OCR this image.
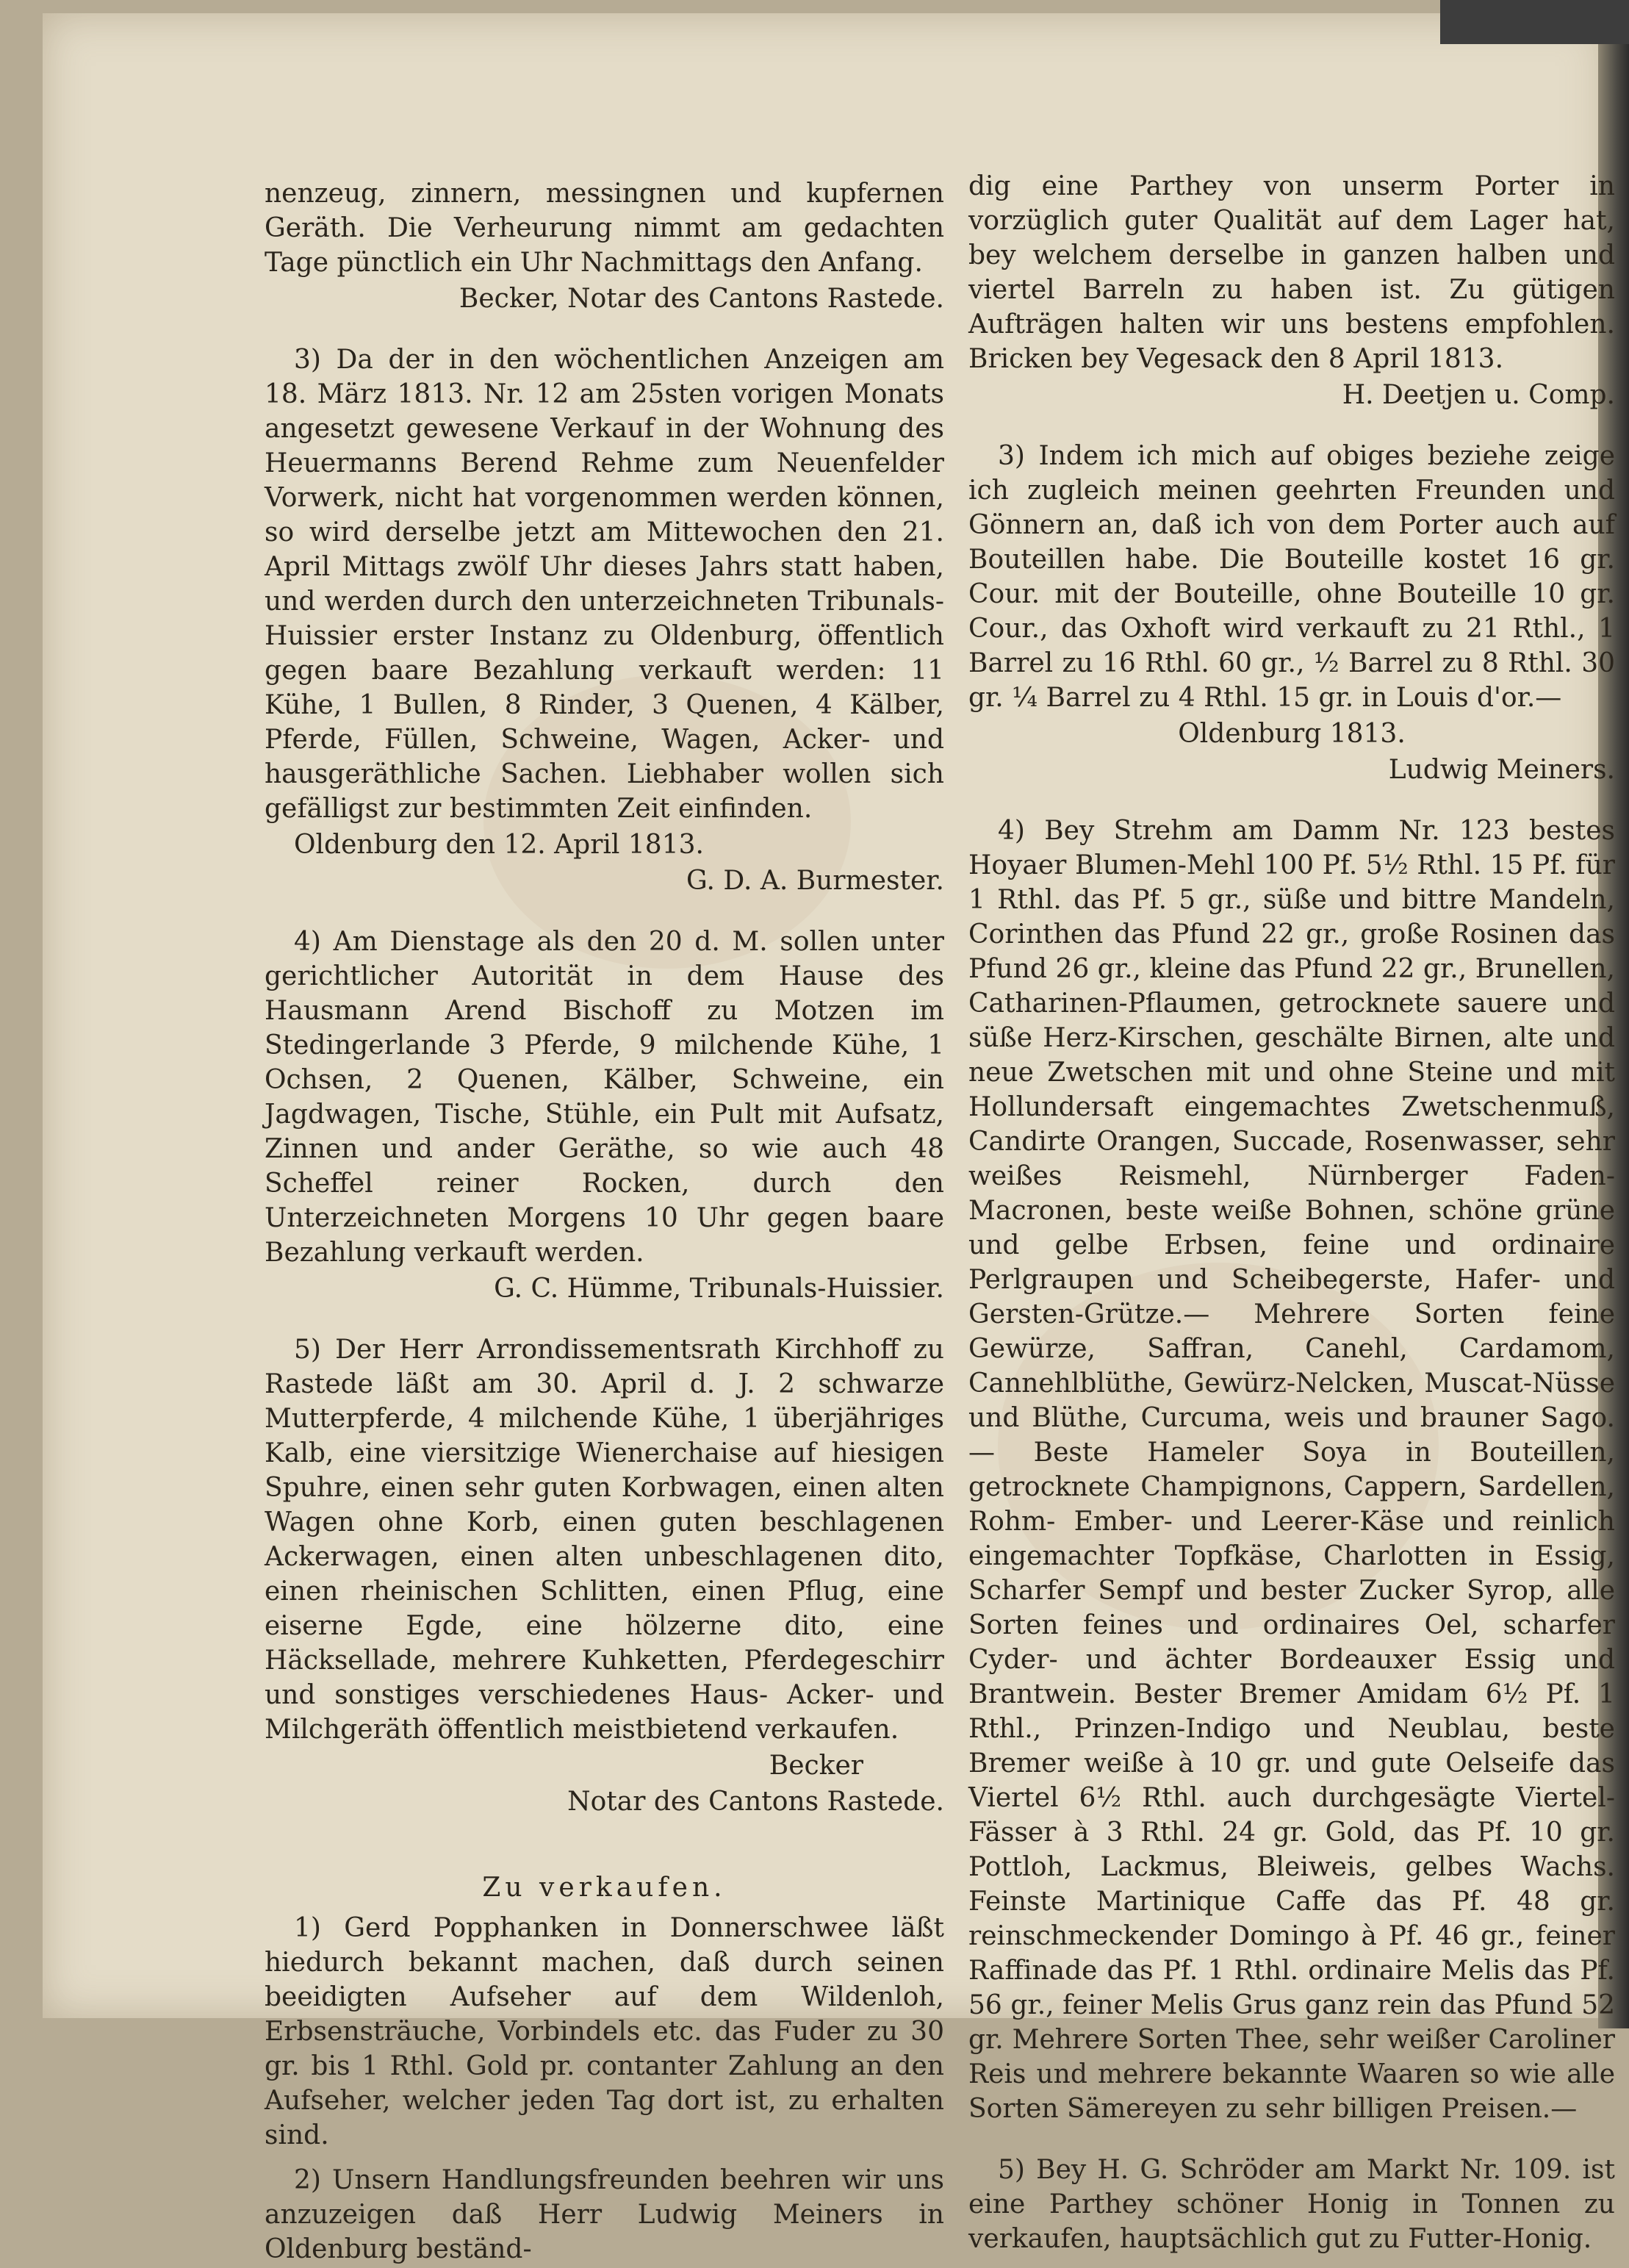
nenzeug, zinnern, messingnen und kupfernen Geräth. Die Verheurung nimmt am gedachten Tage pünctlich ein Uhr Nachmittags den Anfang.

Becker, Notar des Cantons Rastede.

3) Da der in den wöchentlichen Anzeigen am 18. März 1813. Nr. 12 am 25sten vorigen Monats angesetzt gewesene Verkauf in der Wohnung des Heuermanns Berend Rehme zum Neuenfelder Vorwerk, nicht hat vorgenommen werden können, so wird derselbe jetzt am Mittewochen den 21. April Mittags zwölf Uhr dieses Jahrs statt haben, und werden durch den unterzeichneten Tribunals-Huissier erster Instanz zu Oldenburg, öffentlich gegen baare Bezahlung verkauft werden: 11 Kühe, 1 Bullen, 8 Rinder, 3 Quenen, 4 Kälber, Pferde, Füllen, Schweine, Wagen, Acker- und hausgeräthliche Sachen. Liebhaber wollen sich gefälligst zur bestimmten Zeit einfinden.

Oldenburg den 12. April 1813.

G. D. A. Burmester.

4) Am Dienstage als den 20 d. M. sollen unter gerichtlicher Autorität in dem Hause des Hausmann Arend Bischoff zu Motzen im Stedingerlande 3 Pferde, 9 milchende Kühe, 1 Ochsen, 2 Quenen, Kälber, Schweine, ein Jagdwagen, Tische, Stühle, ein Pult mit Aufsatz, Zinnen und ander Geräthe, so wie auch 48 Scheffel reiner Rocken, durch den Unterzeichneten Morgens 10 Uhr gegen baare Bezahlung verkauft werden.

G. C. Hümme, Tribunals-Huissier.

5) Der Herr Arrondissementsrath Kirchhoff zu Rastede läßt am 30. April d. J. 2 schwarze Mutterpferde, 4 milchende Kühe, 1 überjähriges Kalb, eine viersitzige Wienerchaise auf hiesigen Spuhre, einen sehr guten Korbwagen, einen alten Wagen ohne Korb, einen guten beschlagenen Ackerwagen, einen alten unbeschlagenen dito, einen rheinischen Schlitten, einen Pflug, eine eiserne Egde, eine hölzerne dito, eine Häcksellade, mehrere Kuhketten, Pferdegeschirr und sonstiges verschiedenes Haus- Acker- und Milchgeräth öffentlich meistbietend verkaufen.

Becker

Notar des Cantons Rastede.

Zu verkaufen.

1) Gerd Popphanken in Donnerschwee läßt hiedurch bekannt machen, daß durch seinen beeidigten Aufseher auf dem Wildenloh, Erbsensträuche, Vorbindels etc. das Fuder zu 30 gr. bis 1 Rthl. Gold pr. contanter Zahlung an den Aufseher, welcher jeden Tag dort ist, zu erhalten sind.

2) Unsern Handlungsfreunden beehren wir uns anzuzeigen daß Herr Ludwig Meiners in Oldenburg beständ-

dig eine Parthey von unserm Porter in vorzüglich guter Qualität auf dem Lager hat, bey welchem derselbe in ganzen halben und viertel Barreln zu haben ist. Zu gütigen Aufträgen halten wir uns bestens empfohlen. Bricken bey Vegesack den 8 April 1813.

H. Deetjen u. Comp.

3) Indem ich mich auf obiges beziehe zeige ich zugleich meinen geehrten Freunden und Gönnern an, daß ich von dem Porter auch auf Bouteillen habe. Die Bouteille kostet 16 gr. Cour. mit der Bouteille, ohne Bouteille 10 gr. Cour., das Oxhoft wird verkauft zu 21 Rthl., 1 Barrel zu 16 Rthl. 60 gr., ½ Barrel zu 8 Rthl. 30 gr. ¼ Barrel zu 4 Rthl. 15 gr. in Louis d'or.—

Oldenburg 1813.

Ludwig Meiners.

4) Bey Strehm am Damm Nr. 123 bestes Hoyaer Blumen-Mehl 100 Pf. 5½ Rthl. 15 Pf. für 1 Rthl. das Pf. 5 gr., süße und bittre Mandeln, Corinthen das Pfund 22 gr., große Rosinen das Pfund 26 gr., kleine das Pfund 22 gr., Brunellen, Catharinen-Pflaumen, getrocknete sauere und süße Herz-Kirschen, geschälte Birnen, alte und neue Zwetschen mit und ohne Steine und mit Hollundersaft eingemachtes Zwetschenmuß, Candirte Orangen, Succade, Rosenwasser, sehr weißes Reismehl, Nürnberger Faden-Macronen, beste weiße Bohnen, schöne grüne und gelbe Erbsen, feine und ordinaire Perlgraupen und Scheibegerste, Hafer- und Gersten-Grütze.— Mehrere Sorten feine Gewürze, Saffran, Canehl, Cardamom, Cannehlblüthe, Gewürz-Nelcken, Muscat-Nüsse und Blüthe, Curcuma, weis und brauner Sago. — Beste Hameler Soya in Bouteillen, getrocknete Champignons, Cappern, Sardellen, Rohm- Ember- und Leerer-Käse und reinlich eingemachter Topfkäse, Charlotten in Essig, Scharfer Sempf und bester Zucker Syrop, alle Sorten feines und ordinaires Oel, scharfer Cyder- und ächter Bordeauxer Essig und Brantwein. Bester Bremer Amidam 6½ Pf. 1 Rthl., Prinzen-Indigo und Neublau, beste Bremer weiße à 10 gr. und gute Oelseife das Viertel 6½ Rthl. auch durchgesägte Viertel-Fässer à 3 Rthl. 24 gr. Gold, das Pf. 10 gr. Pottloh, Lackmus, Bleiweis, gelbes Wachs. Feinste Martinique Caffe das Pf. 48 gr. reinschmeckender Domingo à Pf. 46 gr., feiner Raffinade das Pf. 1 Rthl. ordinaire Melis das Pf. 56 gr., feiner Melis Grus ganz rein das Pfund 52 gr. Mehrere Sorten Thee, sehr weißer Caroliner Reis und mehrere bekannte Waaren so wie alle Sorten Sämereyen zu sehr billigen Preisen.—

5) Bey H. G. Schröder am Markt Nr. 109. ist eine Parthey schöner Honig in Tonnen zu verkaufen, hauptsächlich gut zu Futter-Honig.
